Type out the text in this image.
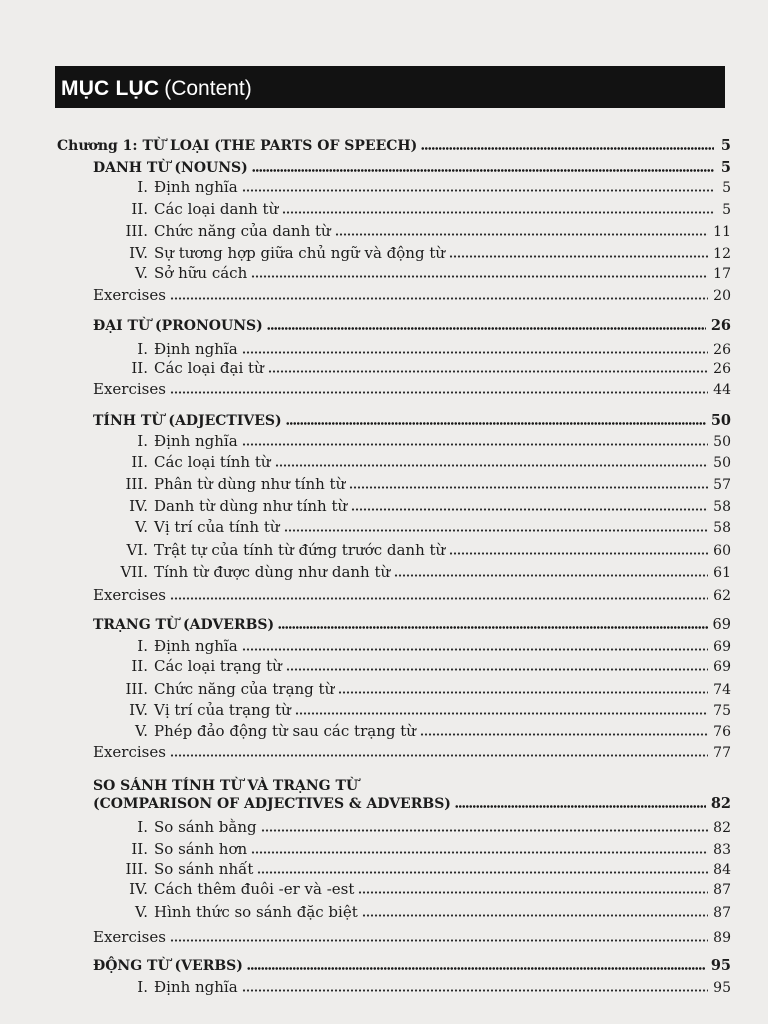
MỤC LỤC (Content)
Chương 1: TỪ LOẠI (THE PARTS OF SPEECH)	5
DANH TỪ (NOUNS)	5
I. Định nghĩa	5
II. Các loại danh từ	5
III. Chức năng của danh từ	11
IV. Sự tương hợp giữa chủ ngữ và động từ	12
V. Sở hữu cách	17
Exercises	20
ĐẠI TỪ (PRONOUNS)	26
I. Định nghĩa	26
II. Các loại đại từ	26
Exercises	44
TÍNH TỪ (ADJECTIVES)	50
I. Định nghĩa	50
II. Các loại tính từ	50
III. Phân từ dùng như tính từ	57
IV. Danh từ dùng như tính từ	58
V. Vị trí của tính từ	58
VI. Trật tự của tính từ đứng trước danh từ	60
VII. Tính từ được dùng như danh từ	61
Exercises	62
TRẠNG TỪ (ADVERBS)	69
I. Định nghĩa	69
II. Các loại trạng từ	69
III. Chức năng của trạng từ	74
IV. Vị trí của trạng từ	75
V. Phép đảo động từ sau các trạng từ	76
Exercises	77
SO SÁNH TÍNH TỪ VÀ TRẠNG TỪ
(COMPARISON OF ADJECTIVES & ADVERBS)	82
I. So sánh bằng	82
II. So sánh hơn	83
III. So sánh nhất	84
IV. Cách thêm đuôi -er và -est	87
V. Hình thức so sánh đặc biệt	87
Exercises	89
ĐỘNG TỪ (VERBS)	95
I. Định nghĩa	95
